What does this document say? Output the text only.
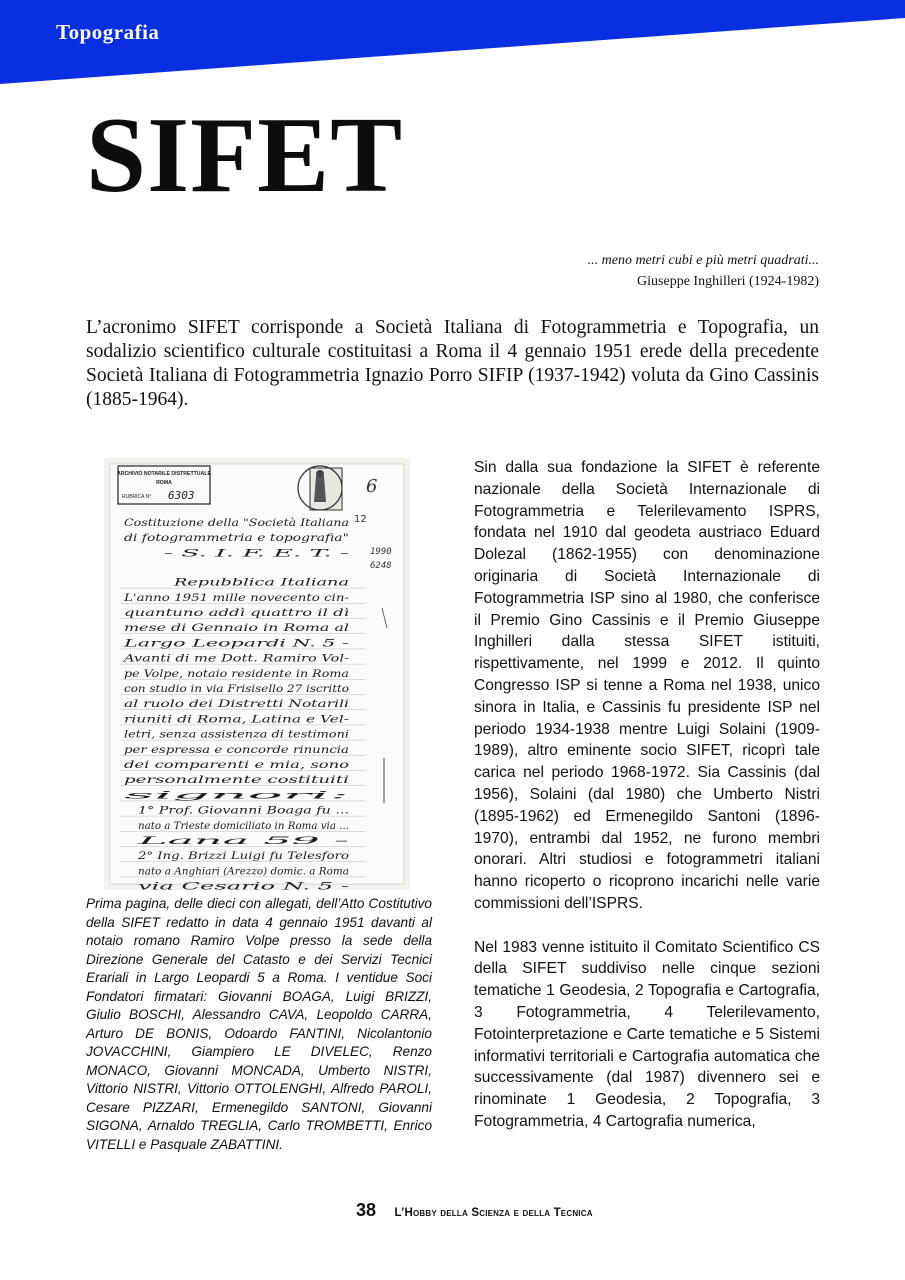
Topografia
SIFET
... meno metri cubi e più metri quadrati...
Giuseppe Inghilleri (1924-1982)

L’acronimo SIFET corrisponde a Società Italiana di Fotogrammetria e Topografia, un sodalizio scientifico culturale costituitasi a Roma il 4 gennaio 1951 erede della precedente Società Italiana di Fotogrammetria Ignazio Porro SIFIP (1937-1942) voluta da Gino Cassinis (1885-1964).

ARCHIVIO NOTARILE DISTRETTUALE
ROMA
RUBRICA N° 6303	6
12
1990
6248
Costituzione della "Società Italiana
di fotogrammetria e topografia"
- S. I. F. E. T. -
Repubblica Italiana
L'anno 1951 mille novecento cin-
quantuno addì quattro il dì
mese di Gennaio in Roma al
Largo Leopardi N. 5 -
Avanti di me Dott. Ramiro Vol-
pe Volpe, notaio residente in Roma
con studio in via Frisisello 27 iscritto
al ruolo dei Distretti Notarili
riuniti di Roma, Latina e Vel-
letri, senza assistenza di testimoni
per espressa e concorde rinuncia
dei comparenti e mia, sono
personalmente costituiti
signori:
1° Prof. Giovanni Boaga fu ...
nato a Trieste domiciliato in Roma via ...
Lana 59 -
2° Ing. Brizzi Luigi fu Telesforo
nato a Anghiari (Arezzo) domic. a Roma
via Cesario N. 5 -

Prima pagina, delle dieci con allegati, dell’Atto Costitutivo della SIFET redatto in data 4 gennaio 1951 davanti al notaio romano Ramiro Volpe presso la sede della Direzione Generale del Catasto e dei Servizi Tecnici Erariali in Largo Leopardi 5 a Roma. I ventidue Soci Fondatori firmatari: Giovanni BOAGA, Luigi BRIZZI, Giulio BOSCHI, Alessandro CAVA, Leopoldo CARRA, Arturo DE BONIS, Odoardo FANTINI, Nicolantonio JOVACCHINI, Giampiero LE DIVELEC, Renzo MONACO, Giovanni MONCADA, Umberto NISTRI, Vittorio NISTRI, Vittorio OTTOLENGHI, Alfredo PAROLI, Cesare PIZZARI, Ermenegildo SANTONI, Giovanni SIGONA, Arnaldo TREGLIA, Carlo TROMBETTI, Enrico VITELLI e Pasquale ZABATTINI.

Sin dalla sua fondazione la SIFET è referente nazionale della Società Internazionale di Fotogrammetria e Telerilevamento ISPRS, fondata nel 1910 dal geodeta austriaco Eduard Dolezal (1862-1955) con denominazione originaria di Società Internazionale di Fotogrammetria ISP sino al 1980, che conferisce il Premio Gino Cassinis e il Premio Giuseppe Inghilleri dalla stessa SIFET istituiti, rispettivamente, nel 1999 e 2012. Il quinto Congresso ISP si tenne a Roma nel 1938, unico sinora in Italia, e Cassinis fu presidente ISP nel periodo 1934-1938 mentre Luigi Solaini (1909-1989), altro eminente socio SIFET, ricoprì tale carica nel periodo 1968-1972. Sia Cassinis (dal 1956), Solaini (dal 1980) che Umberto Nistri (1895-1962) ed Ermenegildo Santoni (1896-1970), entrambi dal 1952, ne furono membri onorari. Altri studiosi e fotogrammetri italiani hanno ricoperto o ricoprono incarichi nelle varie commissioni dell’ISPRS.

Nel 1983 venne istituito il Comitato Scientifico CS della SIFET suddiviso nelle cinque sezioni tematiche 1 Geodesia, 2 Topografia e Cartografia, 3 Fotogrammetria, 4 Telerilevamento, Fotointerpretazione e Carte tematiche e 5 Sistemi informativi territoriali e Cartografia automatica che successivamente (dal 1987) divennero sei e rinominate 1 Geodesia, 2 Topografia, 3 Fotogrammetria, 4 Cartografia numerica,

38 L’Hobby della Scienza e della Tecnica
